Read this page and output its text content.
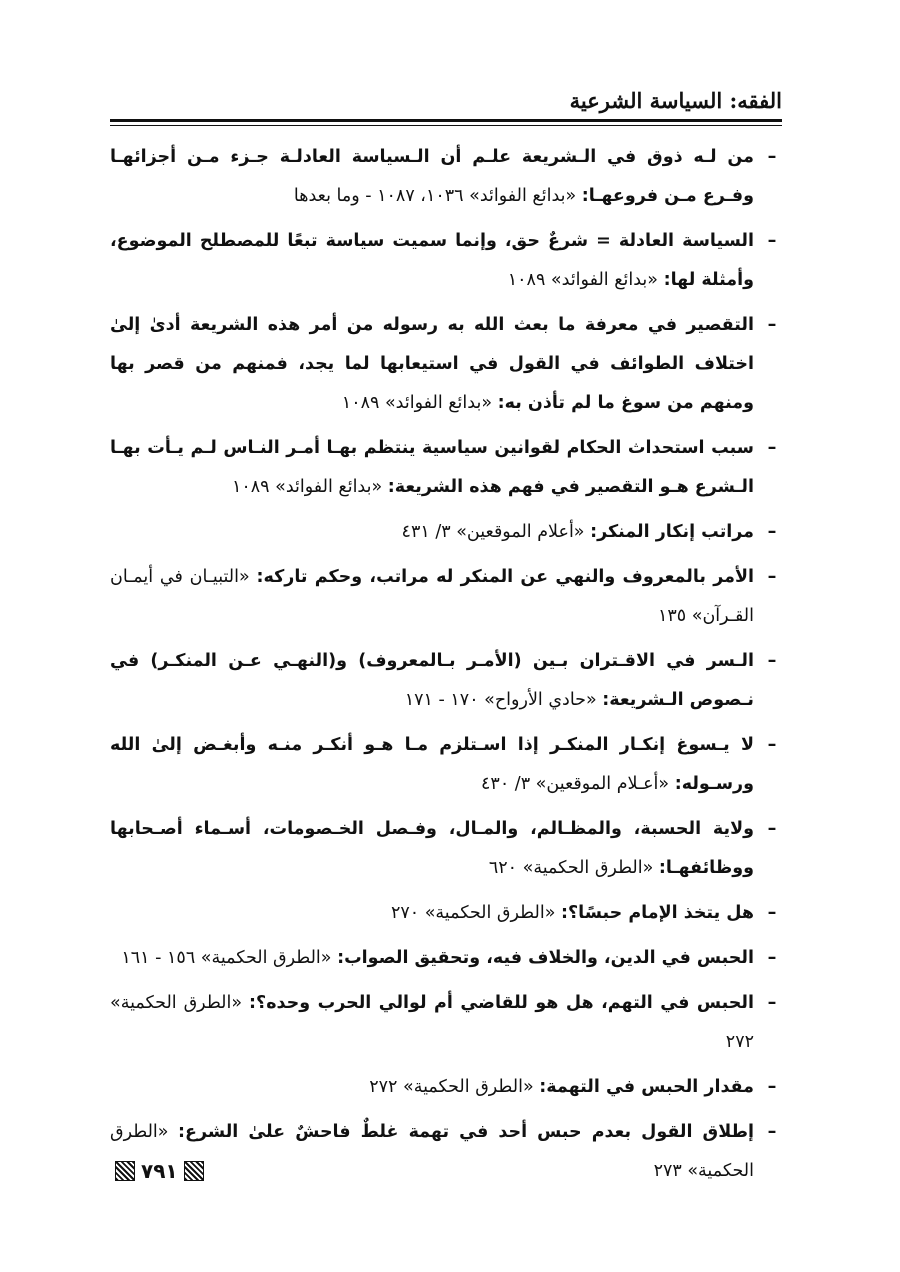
الفقه: السياسة الشرعية
–
من لـه ذوق في الـشريعة علـم أن الـسياسة العادلـة جـزء مـن أجزائهـا وفـرع مـن فروعهـا: «بدائع الفوائد» ١٠٣٦، ١٠٨٧ - وما بعدها
–
السياسة العادلة = شرعٌ حق، وإنما سميت سياسة تبعًا للمصطلح الموضوع، وأمثلة لها: «بدائع الفوائد» ١٠٨٩
–
التقصير في معرفة ما بعث الله به رسوله من أمر هذه الشريعة أدىٰ إلىٰ اختلاف الطوائف في القول في استيعابها لما يجد، فمنهم من قصر بها ومنهم من سوغ ما لم تأذن به: «بدائع الفوائد» ١٠٨٩
–
سبب استحداث الحكام لقوانين سياسية ينتظم بهـا أمـر النـاس لـم يـأت بهـا الـشرع هـو التقصير في فهم هذه الشريعة: «بدائع الفوائد» ١٠٨٩
–
مراتب إنكار المنكر: «أعلام الموقعين» ٣/ ٤٣١
–
الأمر بالمعروف والنهي عن المنكر له مراتب، وحكم تاركه: «التبيـان في أيمـان القـرآن» ١٣٥
–
الـسر في الاقـتران بـين (الأمـر بـالمعروف) و(النهـي عـن المنكـر) في نـصوص الـشريعة: «حادي الأرواح» ١٧٠ - ١٧١
–
لا يـسوغ إنكـار المنكـر إذا اسـتلزم مـا هـو أنكـر منـه وأبغـض إلىٰ الله ورسـوله: «أعـلام الموقعين» ٣/ ٤٣٠
–
ولاية الحسبة، والمظـالم، والمـال، وفـصل الخـصومات، أسـماء أصـحابها ووظائفهـا: «الطرق الحكمية» ٦٢٠
–
هل يتخذ الإمام حبسًا؟: «الطرق الحكمية» ٢٧٠
–
الحبس في الدين، والخلاف فيه، وتحقيق الصواب: «الطرق الحكمية» ١٥٦ - ١٦١
–
الحبس في التهم، هل هو للقاضي أم لوالي الحرب وحده؟: «الطرق الحكمية» ٢٧٢
–
مقدار الحبس في التهمة: «الطرق الحكمية» ٢٧٢
–
إطلاق القول بعدم حبس أحد في تهمة غلطٌ فاحشٌ علىٰ الشرع: «الطرق الحكمية» ٢٧٣
٧٩١
